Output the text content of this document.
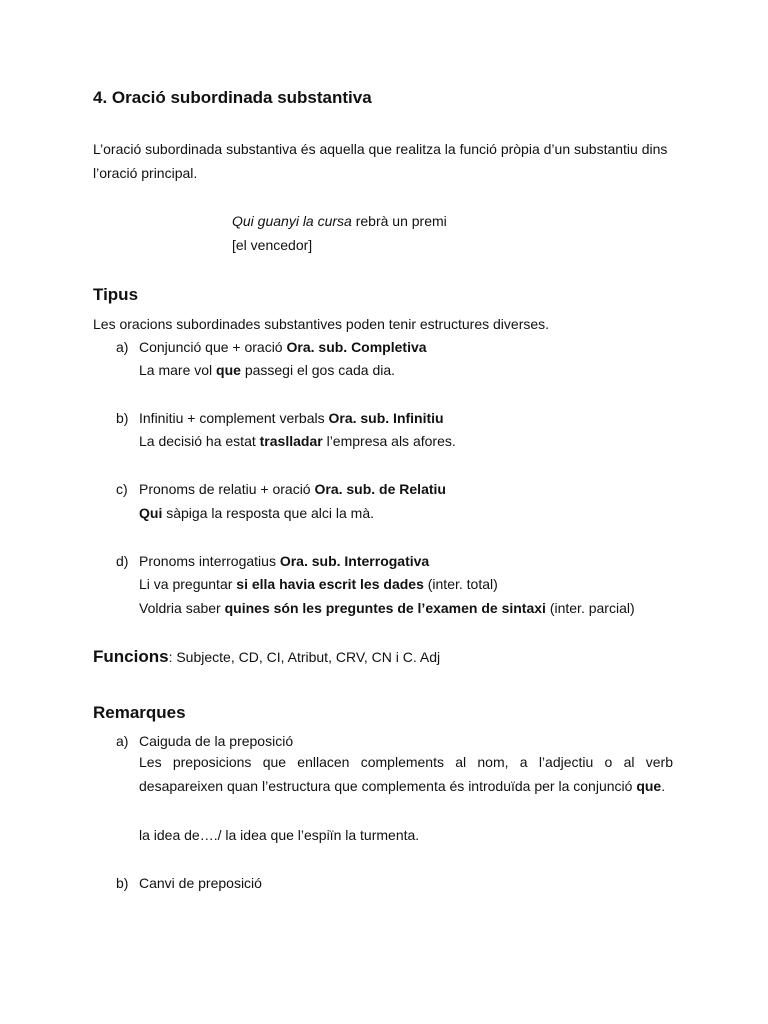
4. Oració subordinada substantiva
L’oració subordinada substantiva és aquella que realitza la funció pròpia d’un substantiu dins
l’oració principal.
Qui guanyi la cursa rebrà un premi
[el vencedor]
Tipus
Les oracions subordinades substantives poden tenir estructures diverses.
a) Conjunció que + oració Ora. sub. Completiva
La mare vol que passegi el gos cada dia.
b) Infinitiu + complement verbals Ora. sub. Infinitiu
La decisió ha estat traslladar l’empresa als afores.
c) Pronoms de relatiu + oració Ora. sub. de Relatiu
Qui sàpiga la resposta que alci la mà.
d) Pronoms interrogatius Ora. sub. Interrogativa
Li va preguntar si ella havia escrit les dades (inter. total)
Voldria saber quines són les preguntes de l’examen de sintaxi (inter. parcial)
Funcions: Subjecte, CD, CI, Atribut, CRV, CN i C. Adj
Remarques
a) Caiguda de la preposició
Les preposicions que enllacen complements al nom, a l’adjectiu o al verb desapareixen quan l’estructura que complementa és introduïda per la conjunció que.
la idea de…./ la idea que l’espiïn la turmenta.
b) Canvi de preposició
